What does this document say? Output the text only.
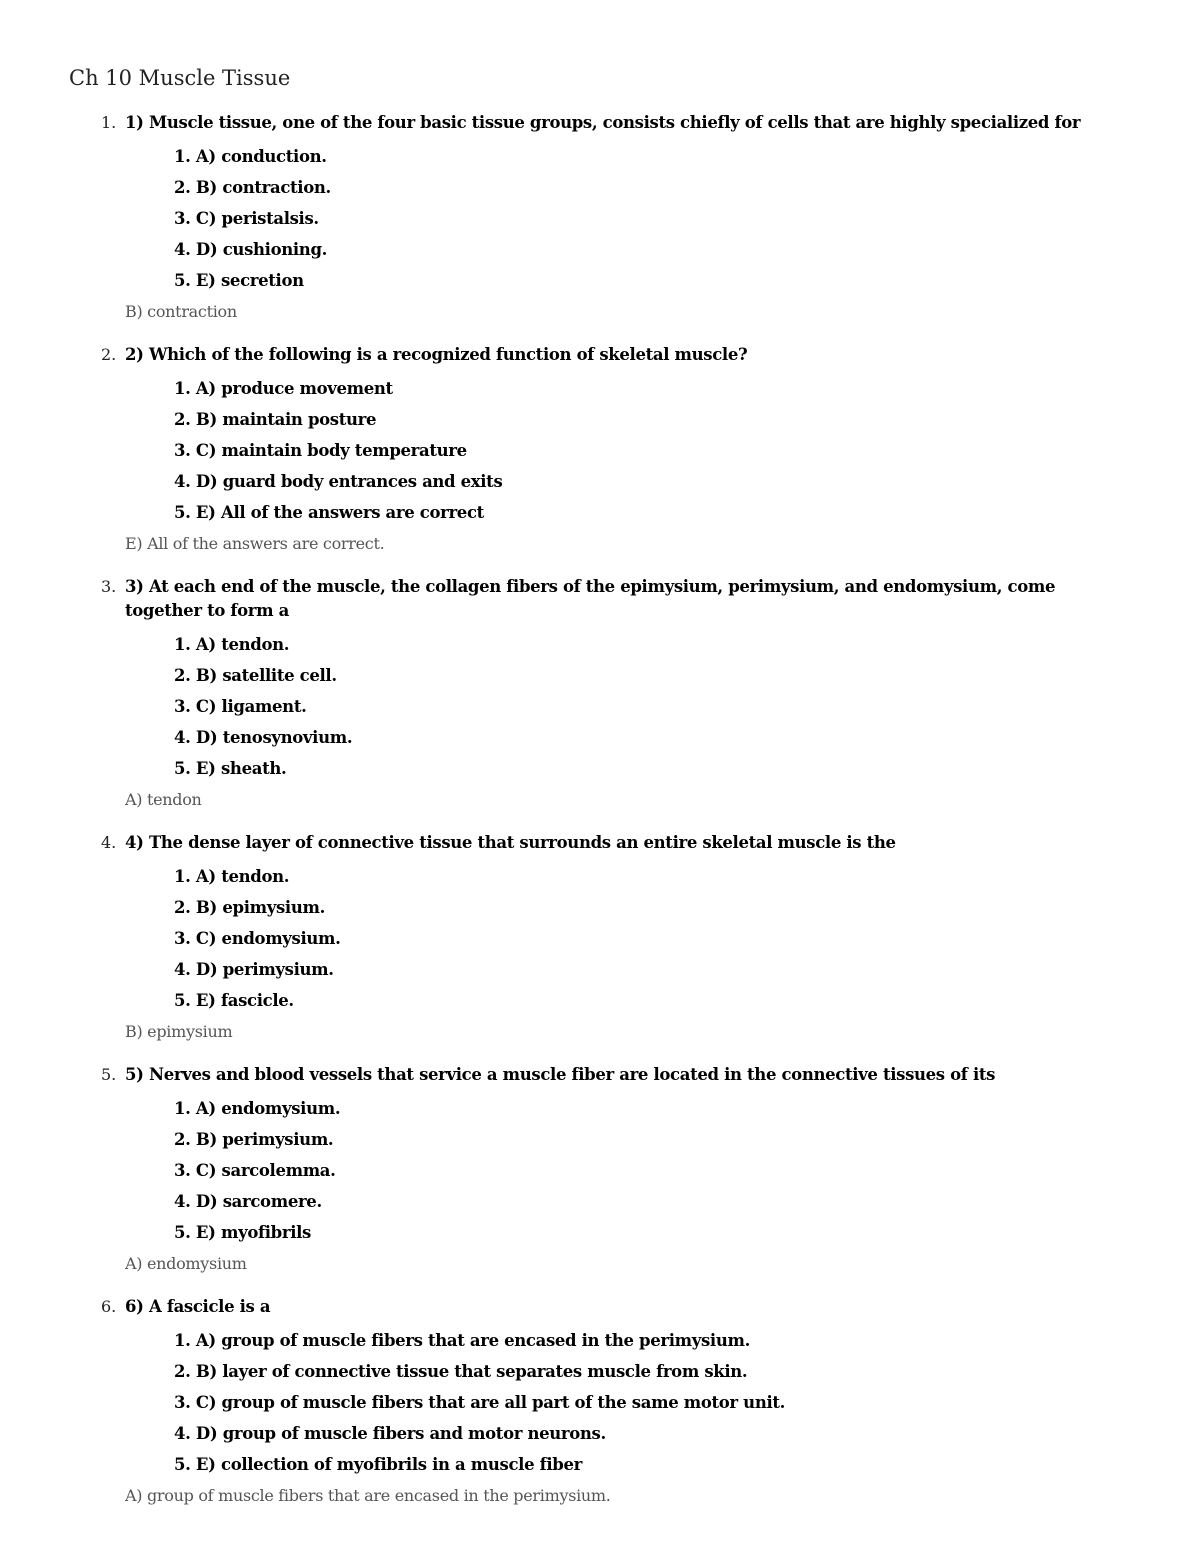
Ch 10 Muscle Tissue
1. 1) Muscle tissue, one of the four basic tissue groups, consists chiefly of cells that are highly specialized for
1. A) conduction.
2. B) contraction.
3. C) peristalsis.
4. D) cushioning.
5. E) secretion
B) contraction
2. 2) Which of the following is a recognized function of skeletal muscle?
1. A) produce movement
2. B) maintain posture
3. C) maintain body temperature
4. D) guard body entrances and exits
5. E) All of the answers are correct
E) All of the answers are correct.
3. 3) At each end of the muscle, the collagen fibers of the epimysium, perimysium, and endomysium, come together to form a
1. A) tendon.
2. B) satellite cell.
3. C) ligament.
4. D) tenosynovium.
5. E) sheath.
A) tendon
4. 4) The dense layer of connective tissue that surrounds an entire skeletal muscle is the
1. A) tendon.
2. B) epimysium.
3. C) endomysium.
4. D) perimysium.
5. E) fascicle.
B) epimysium
5. 5) Nerves and blood vessels that service a muscle fiber are located in the connective tissues of its
1. A) endomysium.
2. B) perimysium.
3. C) sarcolemma.
4. D) sarcomere.
5. E) myofibrils
A) endomysium
6. 6) A fascicle is a
1. A) group of muscle fibers that are encased in the perimysium.
2. B) layer of connective tissue that separates muscle from skin.
3. C) group of muscle fibers that are all part of the same motor unit.
4. D) group of muscle fibers and motor neurons.
5. E) collection of myofibrils in a muscle fiber
A) group of muscle fibers that are encased in the perimysium.
